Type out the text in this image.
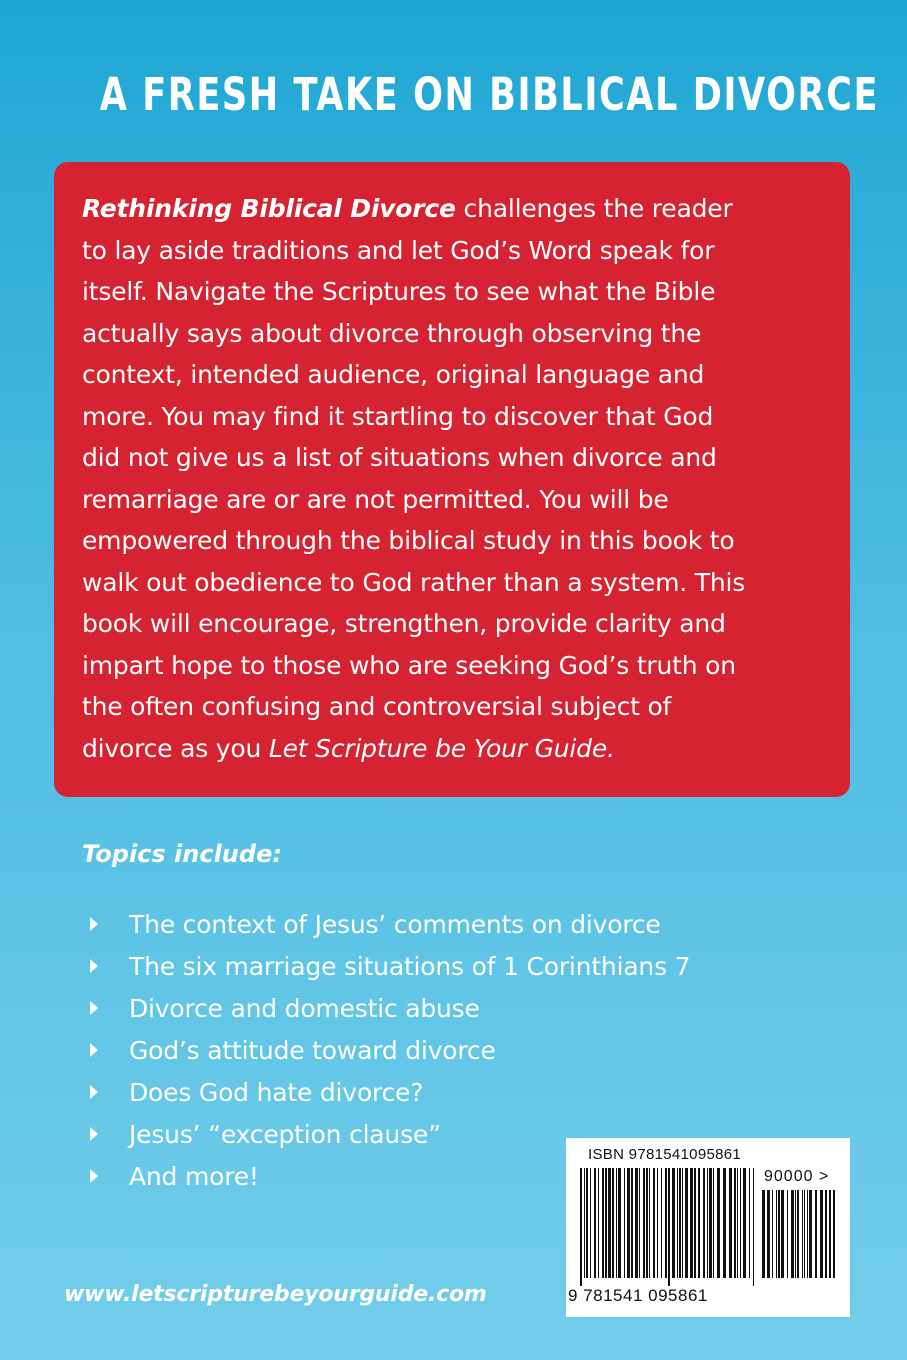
A FRESH TAKE ON BIBLICAL DIVORCE

Rethinking Biblical Divorce challenges the reader
to lay aside traditions and let God’s Word speak for
itself. Navigate the Scriptures to see what the Bible
actually says about divorce through observing the
context, intended audience, original language and
more. You may find it startling to discover that God
did not give us a list of situations when divorce and
remarriage are or are not permitted. You will be
empowered through the biblical study in this book to
walk out obedience to God rather than a system. This
book will encourage, strengthen, provide clarity and
impart hope to those who are seeking God’s truth on
the often confusing and controversial subject of
divorce as you Let Scripture be Your Guide.

Topics include:
The context of Jesus’ comments on divorce
The six marriage situations of 1 Corinthians 7
Divorce and domestic abuse
God’s attitude toward divorce
Does God hate divorce?
Jesus’ “exception clause”
And more!
www.letscripturebeyourguide.com
ISBN 9781541095861
90000 >
9 781541 095861
